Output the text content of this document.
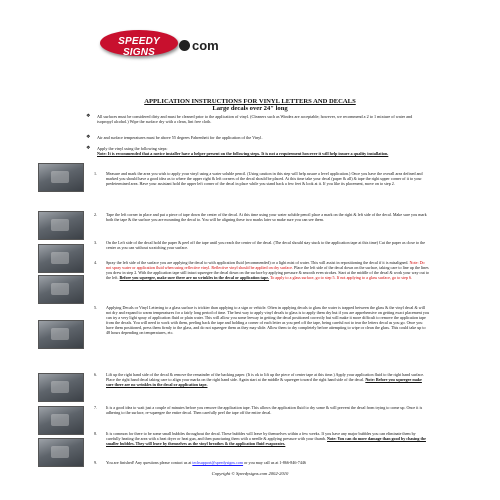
SPEEDY SIGNS	com
APPLICATION INSTRUCTIONS FOR VINYL LETTERS AND DECALS
Large decals over 24" long
❖ All surfaces must be considered dirty and must be cleaned prior to the application of vinyl. (Cleaners such as Windex are acceptable; however, we recommend a 2 to 1 mixture of water and isopropyl alcohol.) Wipe the surface dry with a clean, lint free cloth.
❖ Air and surface temperatures must be above 55 degrees Fahrenheit for the application of the Vinyl.
❖ Apply the vinyl using the following steps:
Note: It is recommended that a novice installer have a helper present on the following steps. It is not a requirement however it will help insure a quality installation.
1. Measure and mark the area you wish to apply your vinyl using a water soluble pencil. (Using caution in this step will help assure a level application.) Once you have the overall area defined and marked you should have a good idea as to where the upper right & left corners of the decal should be placed. At this time take your decal (paper & all) & tape the right upper corner of it to your predetermined area. Have your assistant hold the upper left corner of the decal in place while you stand back a few feet & look at it. If you like its placement, move on to step 2.
2. Tape the left corner in place and put a piece of tape down the center of the decal. At this time using your water soluble pencil place a mark on the right & left side of the decal. Make sure you mark both the tape & the surface you are mounting the decal to. You will be aligning these two marks later so make sure you can see them.
3. On the Left side of the decal hold the paper & peel off the tape until you reach the center of the decal. (The decal should stay stuck to the application tape at this time) Cut the paper as close to the center as you can without scratching your surface.
4. Spray the left side of the surface you are applying the decal to with application fluid (recommended) or a light mist of water. This will assist in repositioning the decal if it is misaligned. Note: Do not spray water or application fluid when using reflective vinyl. Reflective vinyl should be applied on dry surface. Place the left side of the decal down on the surface, taking care to line up the lines you drew in step 2. With the application tape still intact squeegee the decal down on the surface by applying pressure & smooth even strokes. Start at the middle of the decal & work your way out to the left. Before you squeegee, make sure there are no wrinkles in the decal or application tape. To apply to a glass surface, go to step 5. If not applying to a glass surface, go to step 6.
5. Applying Decals or Vinyl Lettering to a glass surface is trickier than applying to a sign or vehicle. Often in applying decals to glass the water is trapped between the glass & the vinyl decal & will not dry and expand to warm temperatures for a fairly long period of time. The best way to apply vinyl decals to glass is to apply them dry but if you are apprehensive on getting exact placement you can try a very light spray of application fluid or plain water. This will allow you some leeway in getting the decal positioned correctly but will make it more difficult to remove the application tape from the decals. You will need to work with them, peeling back the tape and holding a corner of each letter as you peel off the tape, being careful not to tear the letters decal as you go. Once you have them positioned, press them firmly to the glass, and do not squeegee them as they may slide. Allow them to dry completely before attempting to wipe or clean the glass. This could take up to 48 hours depending on temperatures, etc.
6. Lift up the right hand side of the decal & remove the remainder of the backing paper. (It is ok to lift up the piece of center tape at this time.) Apply your application fluid to the right hand surface. Place the right hand decal taking care to align your marks on the right hand side. Again start at the middle & squeegee toward the right hand side of the decal. Note: Before you squeegee make sure there are no wrinkles in the decal or application tape.
7. It is a good idea to wait just a couple of minutes before you remove the application tape. This allows the application fluid to dry some & will prevent the decal from trying to come up. Once it is adhering to the surface, re-squeegee the entire decal. Then carefully peel the tape off the entire decal.
8. It is common for there to be some small bubbles throughout the decal. These bubbles will leave by themselves within a few weeks. If you have any major bubbles you can eliminate them by carefully heating the area with a heat dryer or heat gun, and then puncturing them with a needle & applying pressure with your thumb. Note: You can do more damage than good by chasing the smaller bubbles. They will leave by themselves as the vinyl breathes & the application fluid evaporates.
9. You are finished! Any questions please contact us at techsupport@speedysigns.com or you may call us at 1-866-846-7446
Copyright © Speedysigns.com 2002-2010
